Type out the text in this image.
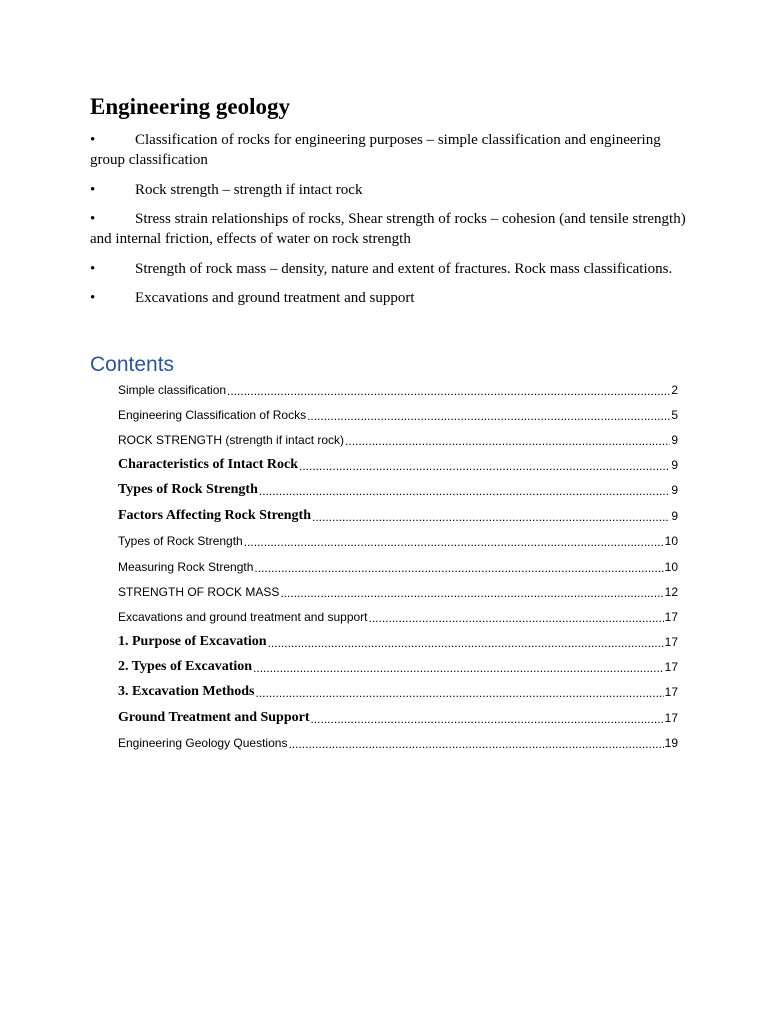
Engineering geology
•	Classification of rocks for engineering purposes – simple classification and engineering group classification
•	Rock strength – strength if intact rock
•	Stress strain relationships of rocks, Shear strength of rocks – cohesion (and tensile strength) and internal friction, effects of water on rock strength
•	Strength of rock mass – density, nature and extent of fractures. Rock mass classifications.
•	Excavations and ground treatment and support
Contents
Simple classification .....	2
Engineering Classification of Rocks .....	5
ROCK STRENGTH (strength if intact rock) .....	9
Characteristics of Intact Rock .....	9
Types of Rock Strength .....	9
Factors Affecting Rock Strength .....	9
Types of Rock Strength .....	10
Measuring Rock Strength .....	10
STRENGTH OF ROCK MASS .....	12
Excavations and ground treatment and support .....	17
1. Purpose of Excavation .....	17
2. Types of Excavation .....	17
3. Excavation Methods .....	17
Ground Treatment and Support .....	17
Engineering Geology Questions .....	19
